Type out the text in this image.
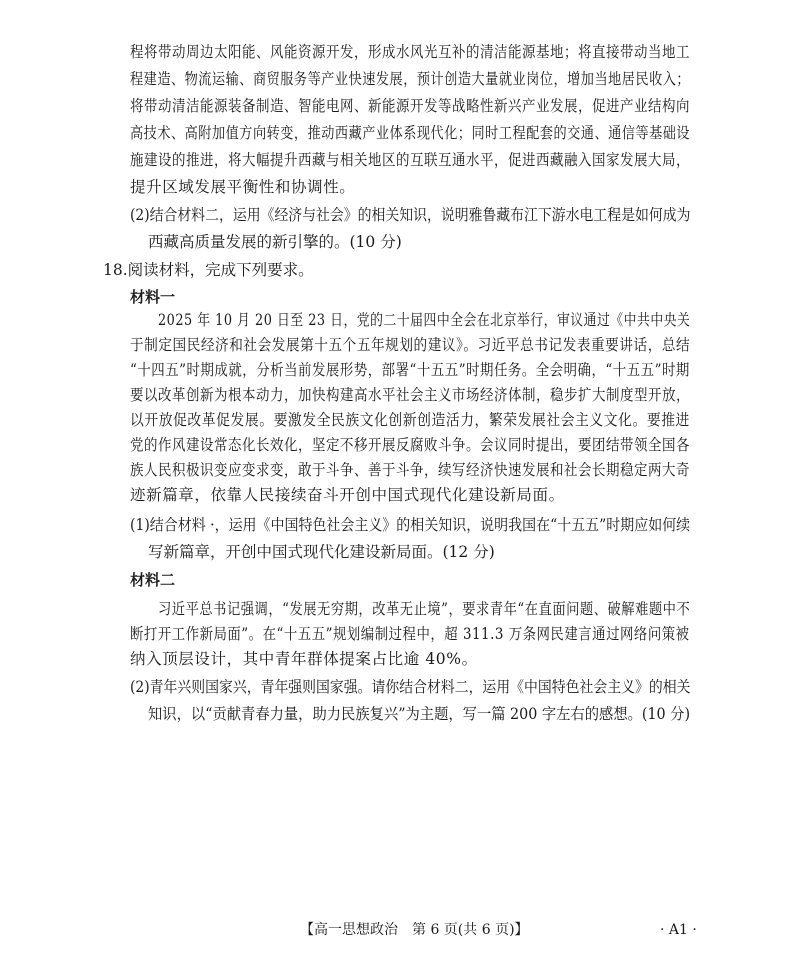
程将带动周边太阳能、风能资源开发，形成水风光互补的清洁能源基地；将直接带动当地工
程建造、物流运输、商贸服务等产业快速发展，预计创造大量就业岗位，增加当地居民收入；
将带动清洁能源装备制造、智能电网、新能源开发等战略性新兴产业发展，促进产业结构向
高技术、高附加值方向转变，推动西藏产业体系现代化；同时工程配套的交通、通信等基础设
施建设的推进，将大幅提升西藏与相关地区的互联互通水平，促进西藏融入国家发展大局，
提升区域发展平衡性和协调性。
(2)结合材料二，运用《经济与社会》的相关知识，说明雅鲁藏布江下游水电工程是如何成为
西藏高质量发展的新引擎的。(10 分)
18.阅读材料，完成下列要求。
材料一
2025 年 10 月 20 日至 23 日，党的二十届四中全会在北京举行，审议通过《中共中央关
于制定国民经济和社会发展第十五个五年规划的建议》。习近平总书记发表重要讲话，总结
“十四五”时期成就，分析当前发展形势，部署“十五五”时期任务。全会明确，“十五五”时期
要以改革创新为根本动力，加快构建高水平社会主义市场经济体制，稳步扩大制度型开放，
以开放促改革促发展。要激发全民族文化创新创造活力，繁荣发展社会主义文化。要推进
党的作风建设常态化长效化，坚定不移开展反腐败斗争。会议同时提出，要团结带领全国各
族人民积极识变应变求变，敢于斗争、善于斗争，续写经济快速发展和社会长期稳定两大奇
迹新篇章，依靠人民接续奋斗开创中国式现代化建设新局面。
(1)结合材料 ·，运用《中国特色社会主义》的相关知识，说明我国在“十五五”时期应如何续
写新篇章，开创中国式现代化建设新局面。(12 分)
材料二
习近平总书记强调，“发展无穷期，改革无止境”，要求青年“在直面问题、破解难题中不
断打开工作新局面”。在“十五五”规划编制过程中，超 311.3 万条网民建言通过网络问策被
纳入顶层设计，其中青年群体提案占比逾 40%。
(2)青年兴则国家兴，青年强则国家强。请你结合材料二，运用《中国特色社会主义》的相关
知识，以“贡献青春力量，助力民族复兴”为主题，写一篇 200 字左右的感想。(10 分)
【高一思想政治　第 6 页(共 6 页)】	· A1 ·
